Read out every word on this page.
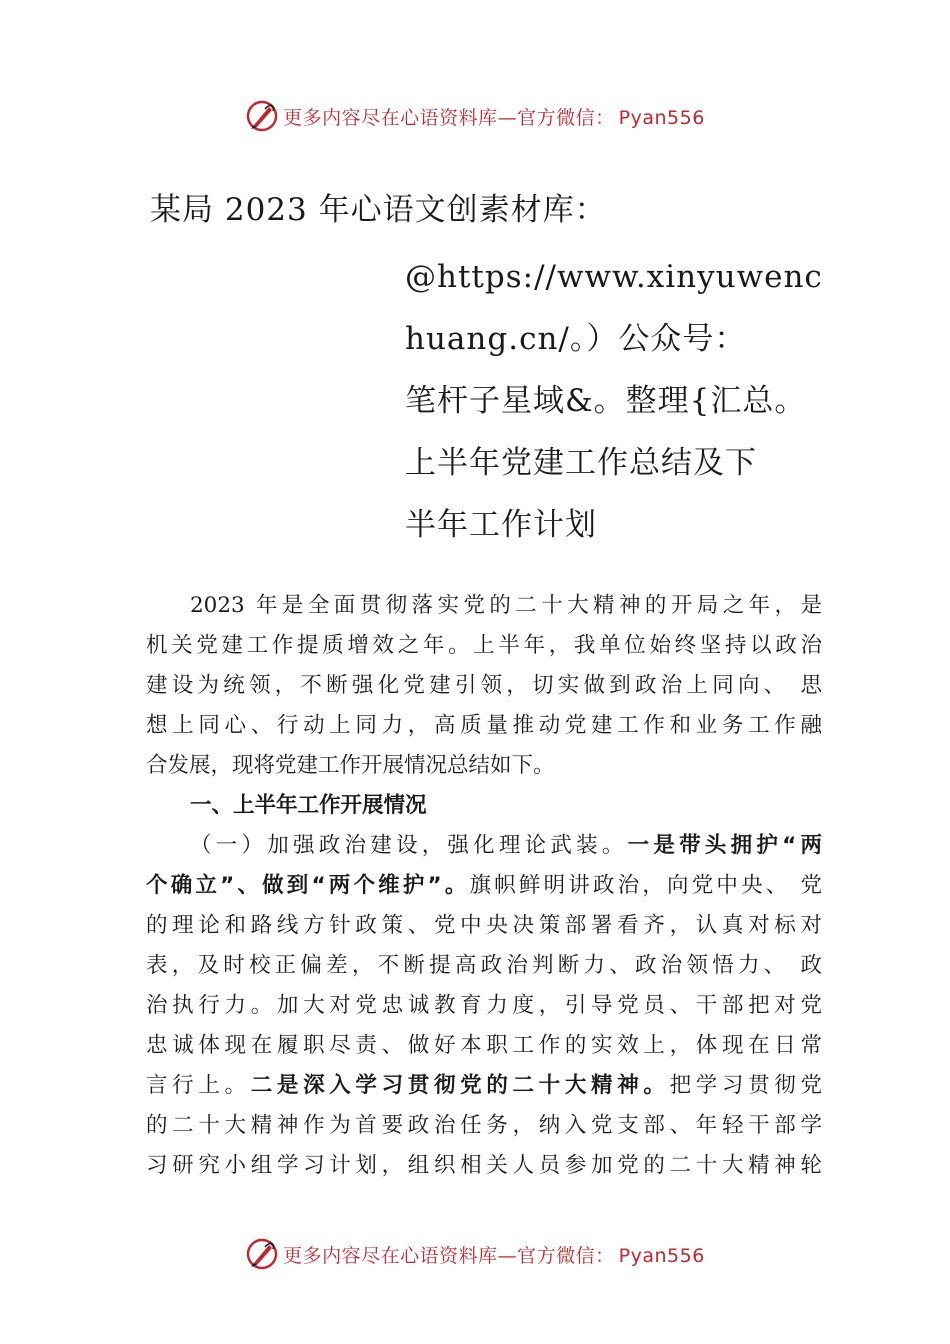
更多内容尽在心语资料库—官方微信： Pyan556
某局 2023 年心语文创素材库：
@https://www.xinyuwenc
huang.cn/。）公众号：
笔杆子星域&。整理{汇总。
上半年党建工作总结及下
半年工作计划
2023 年是全面贯彻落实党的二十大精神的开局之年，是
机关党建工作提质增效之年。上半年，我单位始终坚持以政治
建设为统领，不断强化党建引领，切实做到政治上同向、 思
想上同心、行动上同力，高质量推动党建工作和业务工作融
合发展，现将党建工作开展情况总结如下。
一、上半年工作开展情况
（一）加强政治建设，强化理论武装。一是带头拥护“两
个确立”、做到“两个维护”。旗帜鲜明讲政治，向党中央、 党
的理论和路线方针政策、党中央决策部署看齐，认真对标对
表，及时校正偏差，不断提高政治判断力、政治领悟力、 政
治执行力。加大对党忠诚教育力度，引导党员、干部把对党
忠诚体现在履职尽责、做好本职工作的实效上，体现在日常
言行上。二是深入学习贯彻党的二十大精神。把学习贯彻党
的二十大精神作为首要政治任务，纳入党支部、年轻干部学
习研究小组学习计划，组织相关人员参加党的二十大精神轮
更多内容尽在心语资料库—官方微信： Pyan556
